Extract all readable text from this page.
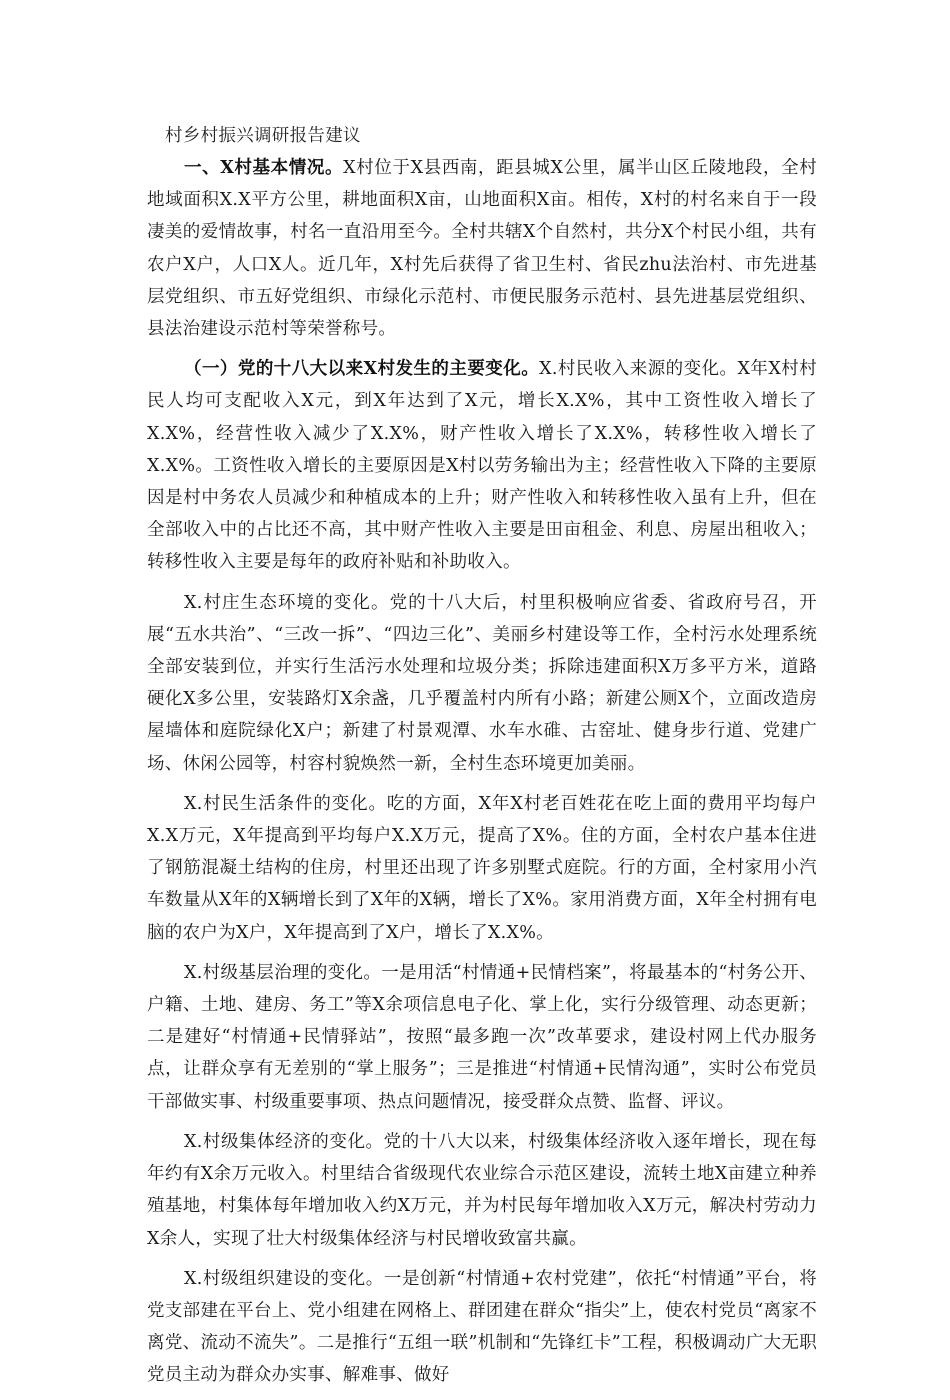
村乡村振兴调研报告建议

一、X村基本情况。X村位于X县西南，距县城X公里，属半山区丘陵地段，全村地域面积X.X平方公里，耕地面积X亩，山地面积X亩。相传，X村的村名来自于一段凄美的爱情故事，村名一直沿用至今。全村共辖X个自然村，共分X个村民小组，共有农户X户，人口X人。近几年，X村先后获得了省卫生村、省民zhu法治村、市先进基层党组织、市五好党组织、市绿化示范村、市便民服务示范村、县先进基层党组织、县法治建设示范村等荣誉称号。

（一）党的十八大以来X村发生的主要变化。X.村民收入来源的变化。X年X村村民人均可支配收入X元，到X年达到了X元，增长X.X%，其中工资性收入增长了X.X%，经营性收入减少了X.X%，财产性收入增长了X.X%，转移性收入增长了X.X%。工资性收入增长的主要原因是X村以劳务输出为主；经营性收入下降的主要原因是村中务农人员减少和种植成本的上升；财产性收入和转移性收入虽有上升，但在全部收入中的占比还不高，其中财产性收入主要是田亩租金、利息、房屋出租收入；转移性收入主要是每年的政府补贴和补助收入。

X.村庄生态环境的变化。党的十八大后，村里积极响应省委、省政府号召，开展“五水共治”、“三改一拆”、“四边三化”、美丽乡村建设等工作，全村污水处理系统全部安装到位，并实行生活污水处理和垃圾分类；拆除违建面积X万多平方米，道路硬化X多公里，安装路灯X余盏，几乎覆盖村内所有小路；新建公厕X个，立面改造房屋墙体和庭院绿化X户；新建了村景观潭、水车水碓、古窑址、健身步行道、党建广场、休闲公园等，村容村貌焕然一新，全村生态环境更加美丽。

X.村民生活条件的变化。吃的方面，X年X村老百姓花在吃上面的费用平均每户X.X万元，X年提高到平均每户X.X万元，提高了X%。住的方面，全村农户基本住进了钢筋混凝土结构的住房，村里还出现了许多别墅式庭院。行的方面，全村家用小汽车数量从X年的X辆增长到了X年的X辆，增长了X%。家用消费方面，X年全村拥有电脑的农户为X户，X年提高到了X户，增长了X.X%。

X.村级基层治理的变化。一是用活“村情通+民情档案”，将最基本的“村务公开、户籍、土地、建房、务工”等X余项信息电子化、掌上化，实行分级管理、动态更新；二是建好“村情通+民情驿站”，按照“最多跑一次”改革要求，建设村网上代办服务点，让群众享有无差别的“掌上服务”；三是推进“村情通+民情沟通”，实时公布党员干部做实事、村级重要事项、热点问题情况，接受群众点赞、监督、评议。

X.村级集体经济的变化。党的十八大以来，村级集体经济收入逐年增长，现在每年约有X余万元收入。村里结合省级现代农业综合示范区建设，流转土地X亩建立种养殖基地，村集体每年增加收入约X万元，并为村民每年增加收入X万元，解决村劳动力X余人，实现了壮大村级集体经济与村民增收致富共赢。

X.村级组织建设的变化。一是创新“村情通+农村党建”，依托“村情通”平台，将党支部建在平台上、党小组建在网格上、群团建在群众“指尖”上，使农村党员“离家不离党、流动不流失”。二是推行“五组一联”机制和“先锋红卡”工程，积极调动广大无职党员主动为群众办实事、解难事、做好
